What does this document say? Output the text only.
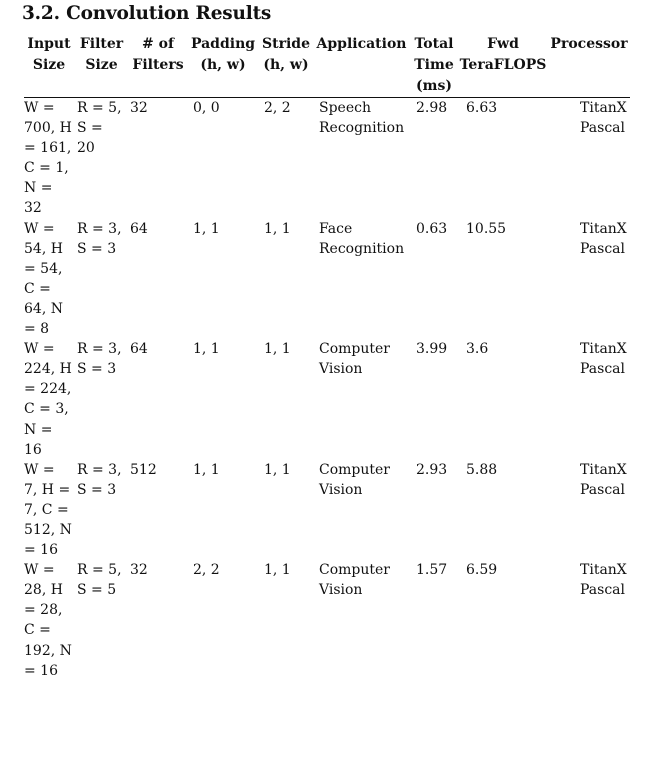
3.2. Convolution Results
Input Size	Filter Size	# of Filters	Padding (h, w)	Stride (h, w)	Application	Total Time (ms)	Fwd TeraFLOPS	Processor

W = 700, H = 161, C = 1, N = 32	R = 5, S = 20	32	0, 0	2, 2	Speech Recognition	2.98	6.63	TitanX Pascal

W = 54, H = 54, C = 64, N = 8	R = 3, S = 3	64	1, 1	1, 1	Face Recognition	0.63	10.55	TitanX Pascal

W = 224, H = 224, C = 3, N = 16	R = 3, S = 3	64	1, 1	1, 1	Computer Vision	3.99	3.6	TitanX Pascal

W = 7, H = 7, C = 512, N = 16	R = 3, S = 3	512	1, 1	1, 1	Computer Vision	2.93	5.88	TitanX Pascal

W = 28, H = 28, C = 192, N = 16	R = 5, S = 5	32	2, 2	1, 1	Computer Vision	1.57	6.59	TitanX Pascal
